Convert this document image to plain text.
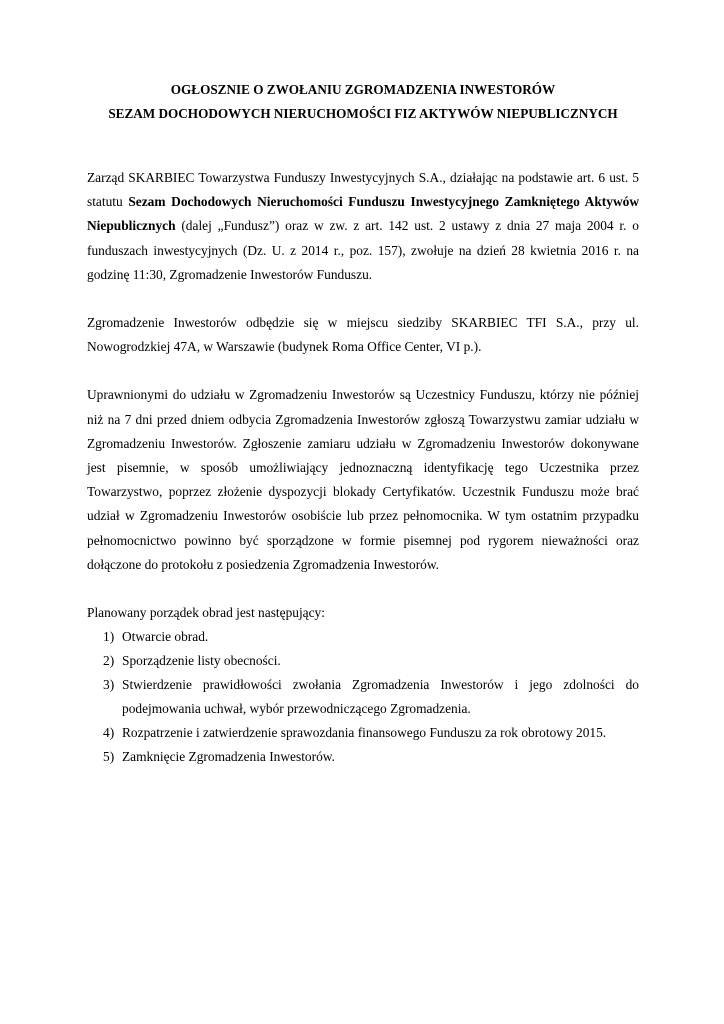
OGŁOSZNIE O ZWOŁANIU ZGROMADZENIA INWESTORÓW

SEZAM DOCHODOWYCH NIERUCHOMOŚCI FIZ AKTYWÓW NIEPUBLICZNYCH

Zarząd SKARBIEC Towarzystwa Funduszy Inwestycyjnych S.A., działając na podstawie art. 6 ust. 5 statutu Sezam Dochodowych Nieruchomości Funduszu Inwestycyjnego Zamkniętego Aktywów Niepublicznych (dalej „Fundusz”) oraz w zw. z art. 142 ust. 2 ustawy z dnia 27 maja 2004 r. o funduszach inwestycyjnych (Dz. U. z 2014 r., poz. 157), zwołuje na dzień 28 kwietnia 2016 r. na godzinę 11:30, Zgromadzenie Inwestorów Funduszu.

Zgromadzenie Inwestorów odbędzie się w miejscu siedziby SKARBIEC TFI S.A., przy ul. Nowogrodzkiej 47A, w Warszawie (budynek Roma Office Center, VI p.).

Uprawnionymi do udziału w Zgromadzeniu Inwestorów są Uczestnicy Funduszu, którzy nie później niż na 7 dni przed dniem odbycia Zgromadzenia Inwestorów zgłoszą Towarzystwu zamiar udziału w Zgromadzeniu Inwestorów. Zgłoszenie zamiaru udziału w Zgromadzeniu Inwestorów dokonywane jest pisemnie, w sposób umożliwiający jednoznaczną identyfikację tego Uczestnika przez Towarzystwo, poprzez złożenie dyspozycji blokady Certyfikatów. Uczestnik Funduszu może brać udział w Zgromadzeniu Inwestorów osobiście lub przez pełnomocnika. W tym ostatnim przypadku pełnomocnictwo powinno być sporządzone w formie pisemnej pod rygorem nieważności oraz dołączone do protokołu z posiedzenia Zgromadzenia Inwestorów.

Planowany porządek obrad jest następujący:

1) Otwarcie obrad.
2) Sporządzenie listy obecności.
3) Stwierdzenie prawidłowości zwołania Zgromadzenia Inwestorów i jego zdolności do podejmowania uchwał, wybór przewodniczącego Zgromadzenia.
4) Rozpatrzenie i zatwierdzenie sprawozdania finansowego Funduszu za rok obrotowy 2015.
5) Zamknięcie Zgromadzenia Inwestorów.
